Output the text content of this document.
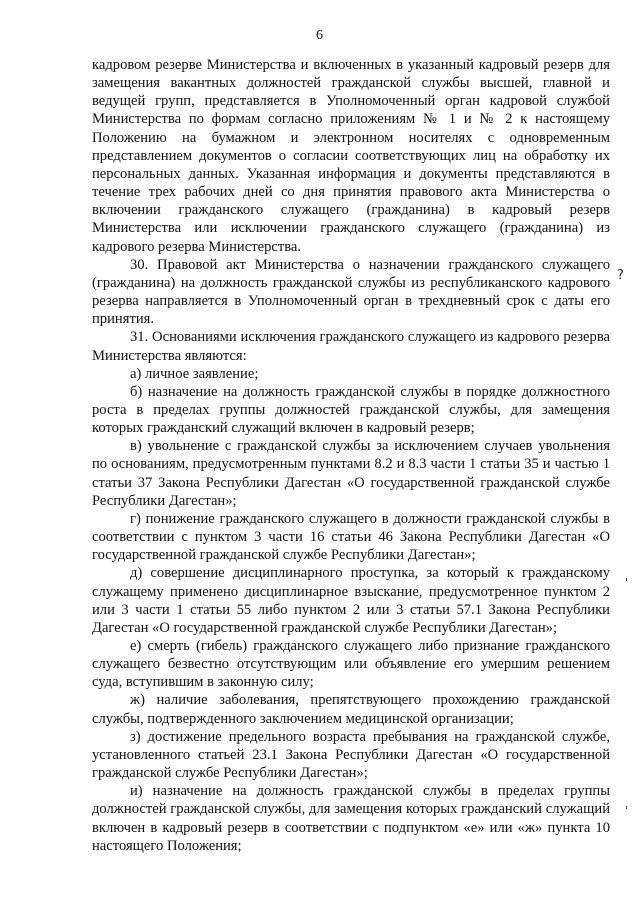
6

кадровом резерве Министерства и включенных в указанный кадровый резерв для замещения вакантных должностей гражданской службы высшей, главной и ведущей групп, представляется в Уполномоченный орган кадровой службой Министерства по формам согласно приложениям № 1 и № 2 к настоящему Положению на бумажном и электронном носителях с одновременным представлением документов о согласии соответствующих лиц на обработку их персональных данных. Указанная информация и документы представляются в течение трех рабочих дней со дня принятия правового акта Министерства о включении гражданского служащего (гражданина) в кадровый резерв Министерства или исключении гражданского служащего (гражданина) из кадрового резерва Министерства.

30. Правовой акт Министерства о назначении гражданского служащего (гражданина) на должность гражданской службы из республиканского кадрового резерва направляется в Уполномоченный орган в трехдневный срок с даты его принятия.

31. Основаниями исключения гражданского служащего из кадрового резерва Министерства являются:

а) личное заявление;

б) назначение на должность гражданской службы в порядке должностного роста в пределах группы должностей гражданской службы, для замещения которых гражданский служащий включен в кадровый резерв;

в) увольнение с гражданской службы за исключением случаев увольнения по основаниям, предусмотренным пунктами 8.2 и 8.3 части 1 статьи 35 и частью 1 статьи 37 Закона Республики Дагестан «О государственной гражданской службе Республики Дагестан»;

г) понижение гражданского служащего в должности гражданской службы в соответствии с пунктом 3 части 16 статьи 46 Закона Республики Дагестан «О государственной гражданской службе Республики Дагестан»;

д) совершение дисциплинарного проступка, за который к гражданскому служащему применено дисциплинарное взыскание, предусмотренное пунктом 2 или 3 части 1 статьи 55 либо пунктом 2 или 3 статьи 57.1 Закона Республики Дагестан «О государственной гражданской службе Республики Дагестан»;

е) смерть (гибель) гражданского служащего либо признание гражданского служащего безвестно отсутствующим или объявление его умершим решением суда, вступившим в законную силу;

ж) наличие заболевания, препятствующего прохождению гражданской службы, подтвержденного заключением медицинской организации;

з) достижение предельного возраста пребывания на гражданской службе, установленного статьей 23.1 Закона Республики Дагестан «О государственной гражданской службе Республики Дагестан»;

и) назначение на должность гражданской службы в пределах группы должностей гражданской службы, для замещения которых гражданский служащий включен в кадровый резерв в соответствии с подпунктом «е» или «ж» пункта 10 настоящего Положения;

?
